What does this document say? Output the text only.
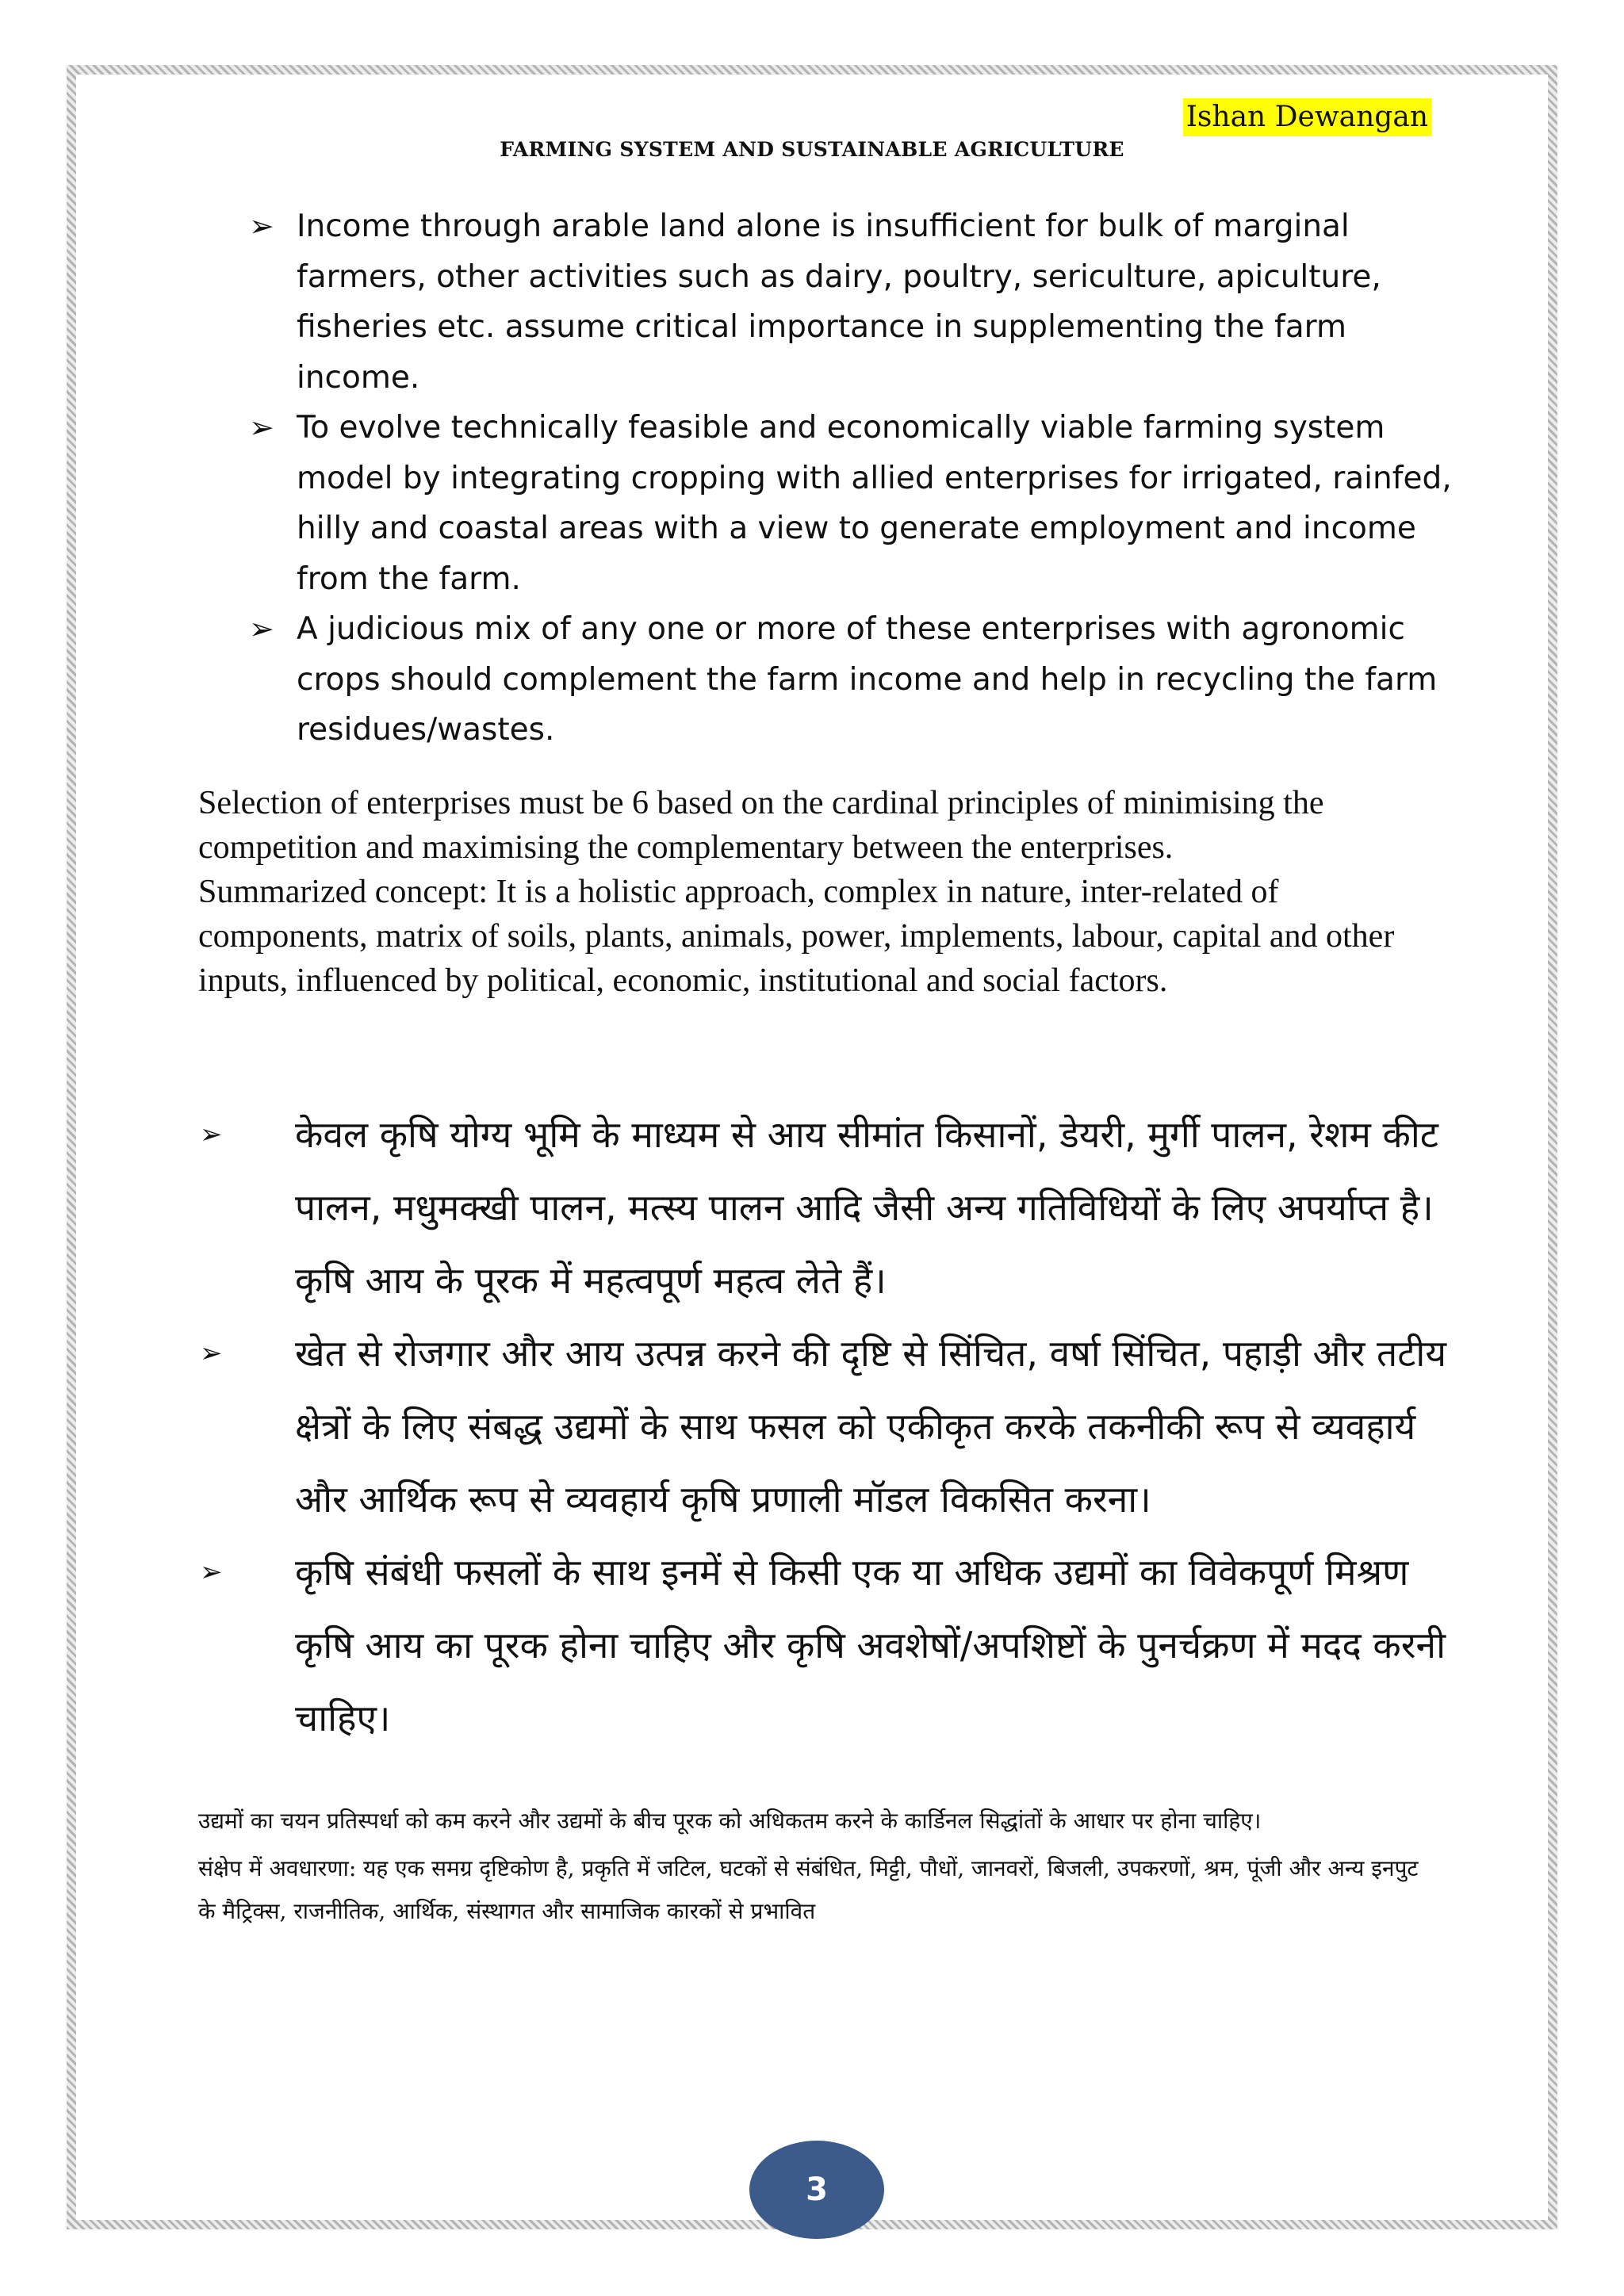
Ishan Dewangan
FARMING SYSTEM AND SUSTAINABLE AGRICULTURE
➢ Income through arable land alone is insufficient for bulk of marginal farmers, other activities such as dairy, poultry, sericulture, apiculture, fisheries etc. assume critical importance in supplementing the farm income.
➢ To evolve technically feasible and economically viable farming system model by integrating cropping with allied enterprises for irrigated, rainfed, hilly and coastal areas with a view to generate employment and income from the farm.
➢ A judicious mix of any one or more of these enterprises with agronomic crops should complement the farm income and help in recycling the farm residues/wastes.

Selection of enterprises must be 6 based on the cardinal principles of minimising the competition and maximising the complementary between the enterprises.

Summarized concept: It is a holistic approach, complex in nature, inter-related of components, matrix of soils, plants, animals, power, implements, labour, capital and other inputs, influenced by political, economic, institutional and social factors.

➢ केवल कृषि योग्य भूमि के माध्यम से आय सीमांत किसानों, डेयरी, मुर्गी पालन, रेशम कीट पालन, मधुमक्खी पालन, मत्स्य पालन आदि जैसी अन्य गतिविधियों के लिए अपर्याप्त है। कृषि आय के पूरक में महत्वपूर्ण महत्व लेते हैं।
➢ खेत से रोजगार और आय उत्पन्न करने की दृष्टि से सिंचित, वर्षा सिंचित, पहाड़ी और तटीय क्षेत्रों के लिए संबद्ध उद्यमों के साथ फसल को एकीकृत करके तकनीकी रूप से व्यवहार्य और आर्थिक रूप से व्यवहार्य कृषि प्रणाली मॉडल विकसित करना।
➢ कृषि संबंधी फसलों के साथ इनमें से किसी एक या अधिक उद्यमों का विवेकपूर्ण मिश्रण कृषि आय का पूरक होना चाहिए और कृषि अवशेषों/अपशिष्टों के पुनर्चक्रण में मदद करनी चाहिए।

उद्यमों का चयन प्रतिस्पर्धा को कम करने और उद्यमों के बीच पूरक को अधिकतम करने के कार्डिनल सिद्धांतों के आधार पर होना चाहिए।

संक्षेप में अवधारणा: यह एक समग्र दृष्टिकोण है, प्रकृति में जटिल, घटकों से संबंधित, मिट्टी, पौधों, जानवरों, बिजली, उपकरणों, श्रम, पूंजी और अन्य इनपुट के मैट्रिक्स, राजनीतिक, आर्थिक, संस्थागत और सामाजिक कारकों से प्रभावित

3
